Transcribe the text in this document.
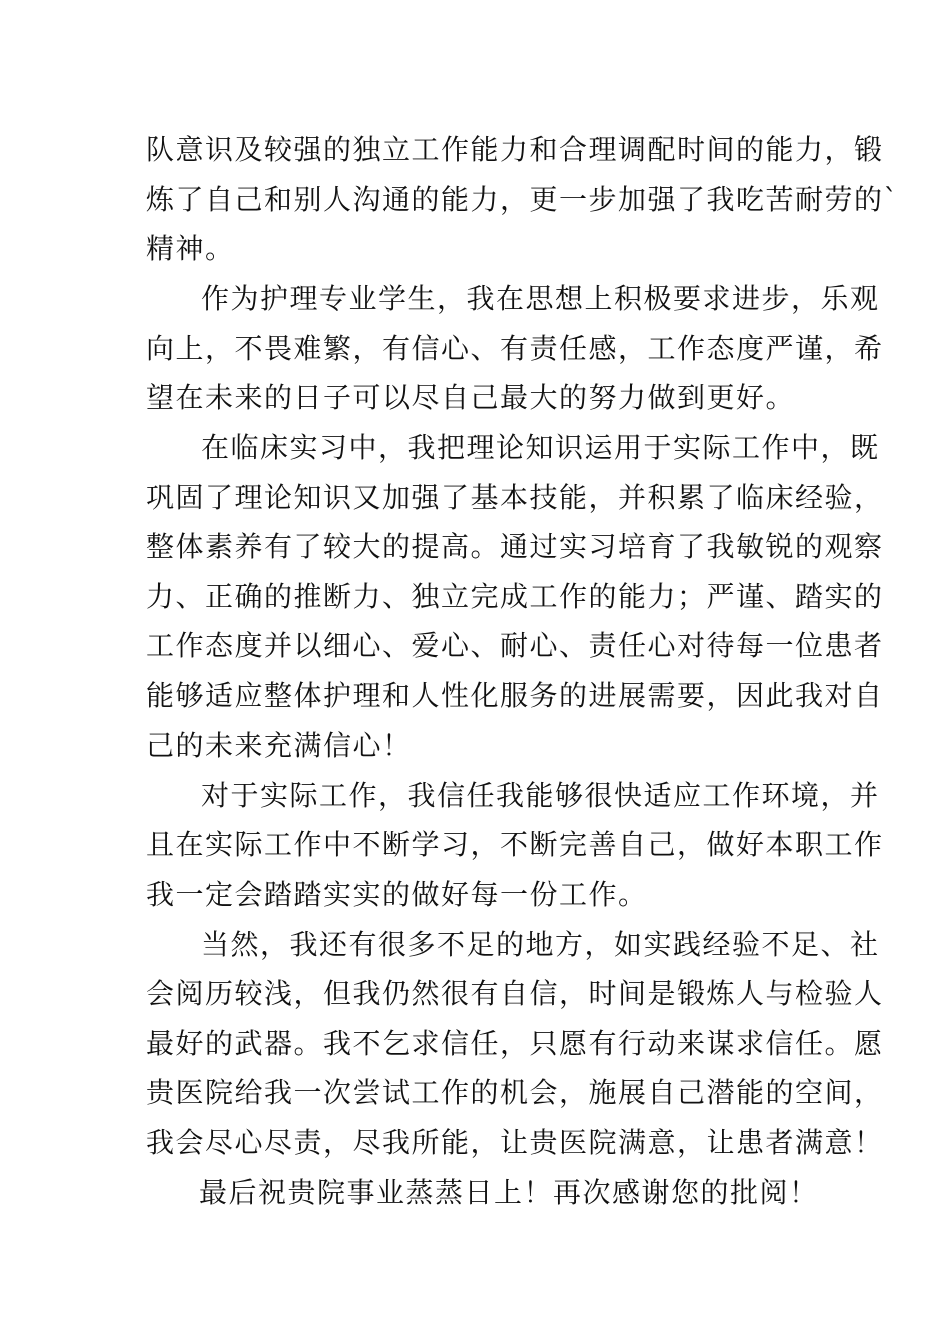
队意识及较强的独立工作能力和合理调配时间的能力，锻
炼了自己和别人沟通的能力，更一步加强了我吃苦耐劳的`
精神。
作为护理专业学生，我在思想上积极要求进步，乐观
向上，不畏难繁，有信心、有责任感，工作态度严谨，希
望在未来的日子可以尽自己最大的努力做到更好。
在临床实习中，我把理论知识运用于实际工作中，既
巩固了理论知识又加强了基本技能，并积累了临床经验，
整体素养有了较大的提高。通过实习培育了我敏锐的观察
力、正确的推断力、独立完成工作的能力；严谨、踏实的
工作态度并以细心、爱心、耐心、责任心对待每一位患者
能够适应整体护理和人性化服务的进展需要，因此我对自
己的未来充满信心！
对于实际工作，我信任我能够很快适应工作环境，并
且在实际工作中不断学习，不断完善自己，做好本职工作
我一定会踏踏实实的做好每一份工作。
当然，我还有很多不足的地方，如实践经验不足、社
会阅历较浅，但我仍然很有自信，时间是锻炼人与检验人
最好的武器。我不乞求信任，只愿有行动来谋求信任。愿
贵医院给我一次尝试工作的机会，施展自己潜能的空间，
我会尽心尽责，尽我所能，让贵医院满意，让患者满意！
最后祝贵院事业蒸蒸日上！再次感谢您的批阅！
